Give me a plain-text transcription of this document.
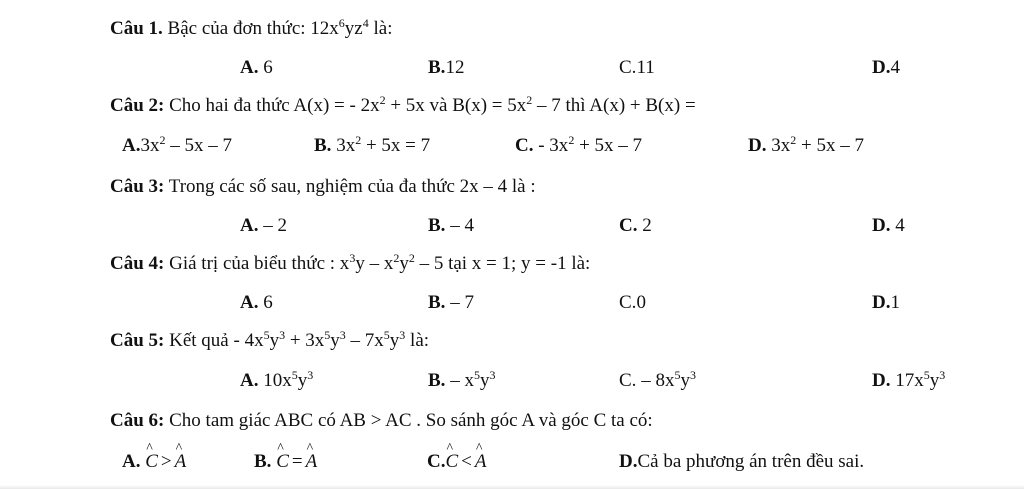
Câu 1. Bậc của đơn thức: $12x^6yz^4$ là:
A. 6	B.12	C.11	D.4
Câu 2: Cho hai đa thức A(x) = - $2x^2 + 5x$ và $B(x) = 5x^2 - 7$ thì A(x) + B(x) =
$A.3x^2 - 5x - 7$	B. $3x^2 + 5x = 7$	C. - $3x^2 + 5x - 7$	D. $3x^2 + 5x - 7$
Câu 3: Trong các số sau, nghiệm của đa thức 2x – 4 là :
A. – 2	B. – 4	C. 2	D. 4
Câu 4: Giá trị của biểu thức : $x^3y - x^2y^2 - 5$ tại x = 1; y = -1 là:
A. 6	B. – 7	C.0	D.1
Câu 5: Kết quả - $4x^5y^3 + 3x^5y^3 - 7x^5y^3$ là:
A. $10x^5y^3$	B. – $x^5y^3$	C. – $8x^5y^3$	D. $17x^5y^3$
Câu 6: Cho tam giác ABC có AB > AC . So sánh góc A và góc C ta có:
A. C ^ > A ^	B. C ^ = A ^	C.C ^ < A ^	D.Cả ba phương án trên đều sai.
